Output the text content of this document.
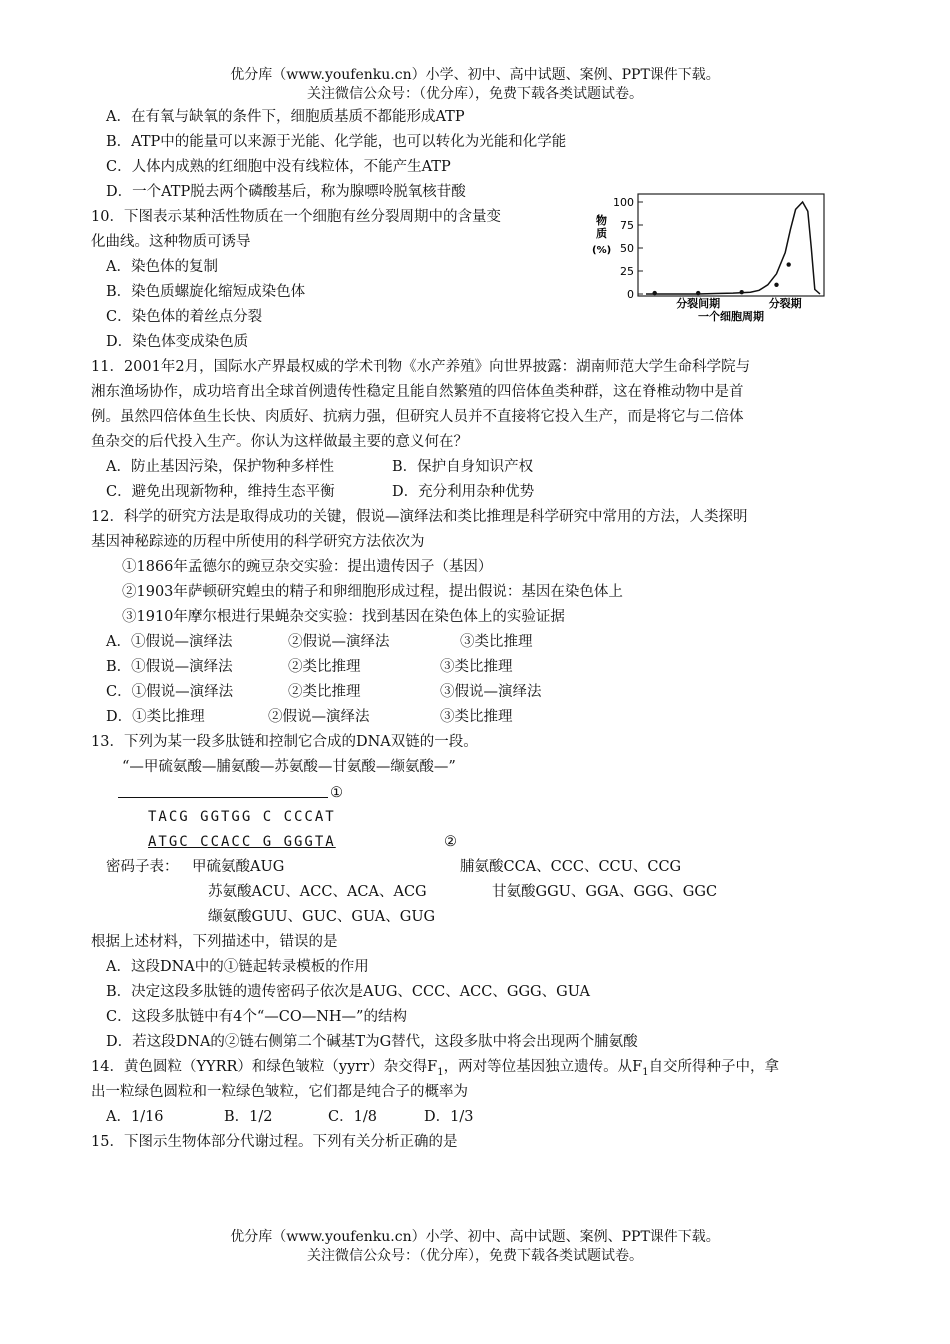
优分库（www.youfenku.cn）小学、初中、高中试题、案例、PPT课件下载。
关注微信公众号：（优分库），免费下载各类试题试卷。
A．在有氧与缺氧的条件下，细胞质基质不都能形成ATP
B．ATP中的能量可以来源于光能、化学能，也可以转化为光能和化学能
C．人体内成熟的红细胞中没有线粒体，不能产生ATP
D．一个ATP脱去两个磷酸基后，称为腺嘌呤脱氧核苷酸
10．下图表示某种活性物质在一个细胞有丝分裂周期中的含量变
化曲线。这种物质可诱导
A．染色体的复制
B．染色质螺旋化缩短成染色体
C．染色体的着丝点分裂
D．染色体变成染色质
物
质
(%)
0
25
50
75
100
分裂间期	分裂期
一个细胞周期
11．2001年2月，国际水产界最权威的学术刊物《水产养殖》向世界披露：湖南师范大学生命科学院与
湘东渔场协作，成功培育出全球首例遗传性稳定且能自然繁殖的四倍体鱼类种群，这在脊椎动物中是首
例。虽然四倍体鱼生长快、肉质好、抗病力强，但研究人员并不直接将它投入生产，而是将它与二倍体
鱼杂交的后代投入生产。你认为这样做最主要的意义何在？
A．防止基因污染，保护物种多样性	B．保护自身知识产权
C．避免出现新物种，维持生态平衡	D．充分利用杂种优势
12．科学的研究方法是取得成功的关键，假说—演绎法和类比推理是科学研究中常用的方法，人类探明
基因神秘踪迹的历程中所使用的科学研究方法依次为
①1866年孟德尔的豌豆杂交实验：提出遗传因子（基因）
②1903年萨顿研究蝗虫的精子和卵细胞形成过程，提出假说：基因在染色体上
③1910年摩尔根进行果蝇杂交实验：找到基因在染色体上的实验证据
A．①假说—演绎法	②假说—演绎法	③类比推理
B．①假说—演绎法	②类比推理	③类比推理
C．①假说—演绎法	②类比推理	③假说—演绎法
D．①类比推理	②假说—演绎法	③类比推理
13．下列为某一段多肽链和控制它合成的DNA双链的一段。
“—甲硫氨酸—脯氨酸—苏氨酸—甘氨酸—缬氨酸—”
①
TACG GGTGG C CCCAT
ATGC CCACC G GGGTA	②
密码子表： 甲硫氨酸AUG	脯氨酸CCA、CCC、CCU、CCG
苏氨酸ACU、ACC、ACA、ACG	甘氨酸GGU、GGA、GGG、GGC
缬氨酸GUU、GUC、GUA、GUG
根据上述材料，下列描述中，错误的是
A．这段DNA中的①链起转录模板的作用
B．决定这段多肽链的遗传密码子依次是AUG、CCC、ACC、GGG、GUA
C．这段多肽链中有4个“—CO—NH—”的结构
D．若这段DNA的②链右侧第二个碱基T为G替代，这段多肽中将会出现两个脯氨酸
14．黄色圆粒（YYRR）和绿色皱粒（yyrr）杂交得$F_1$，两对等位基因独立遗传。从$F_1$自交所得种子中，拿
出一粒绿色圆粒和一粒绿色皱粒，它们都是纯合子的概率为
A．1/16	B．1/2	C．1/8	D．1/3
15．下图示生物体部分代谢过程。下列有关分析正确的是
优分库（www.youfenku.cn）小学、初中、高中试题、案例、PPT课件下载。
关注微信公众号：（优分库），免费下载各类试题试卷。
